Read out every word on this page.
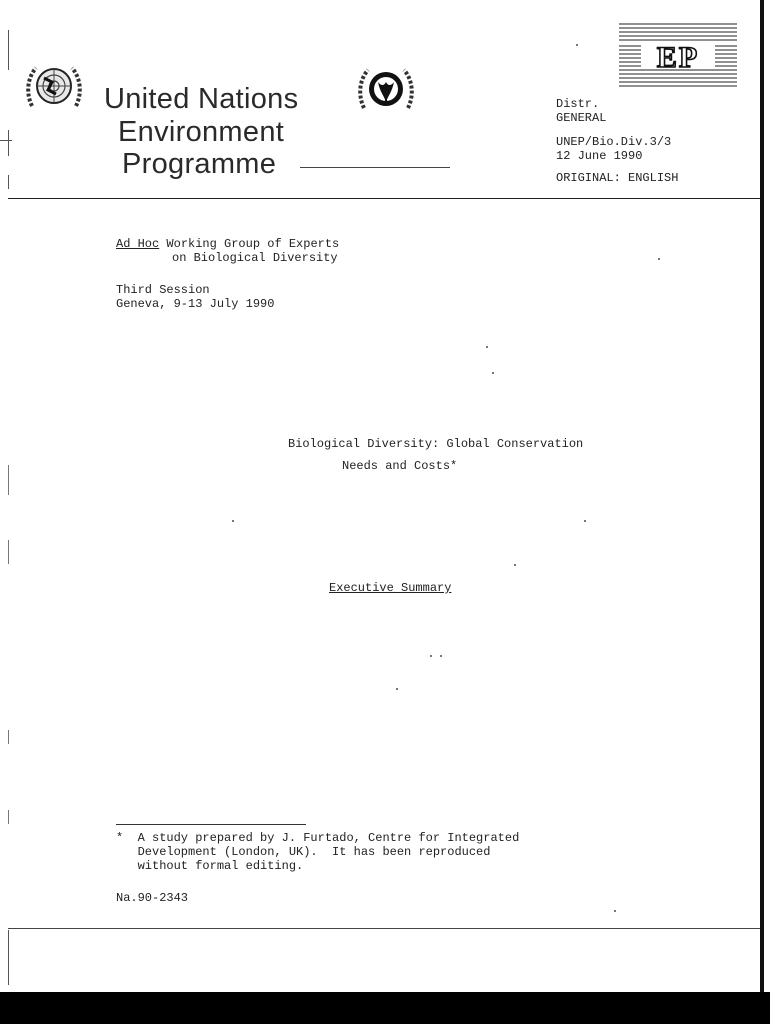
United Nations
Environment
Programme
EP
Distr.
GENERAL
UNEP/Bio.Div.3/3
12 June 1990
ORIGINAL: ENGLISH
Ad Hoc Working Group of Experts
on Biological Diversity
Third Session
Geneva, 9-13 July 1990
Biological Diversity: Global Conservation
Needs and Costs*
Executive Summary
*  A study prepared by J. Furtado, Centre for Integrated
Development (London, UK).  It has been reproduced
without formal editing.
Na.90-2343
